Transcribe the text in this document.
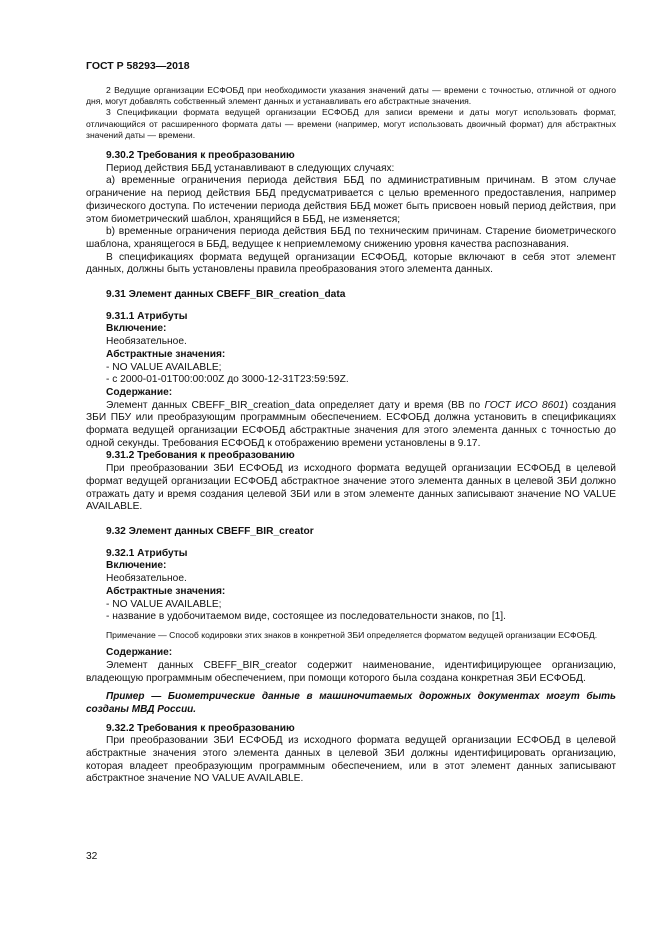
ГОСТ Р 58293—2018

2 Ведущие организации ЕСФОБД при необходимости указания значений даты — времени с точностью, отличной от одного дня, могут добавлять собственный элемент данных и устанавливать его абстрактные значения.

3 Спецификации формата ведущей организации ЕСФОБД для записи времени и даты могут использовать формат, отличающийся от расширенного формата даты — времени (например, могут использовать двоичный формат) для абстрактных значений даты — времени.

9.30.2 Требования к преобразованию

Период действия ББД устанавливают в следующих случаях:

a) временные ограничения периода действия ББД по административным причинам. В этом случае ограничение на период действия ББД предусматривается с целью временного предоставления, например физического доступа. По истечении периода действия ББД может быть присвоен новый период действия, при этом биометрический шаблон, хранящийся в ББД, не изменяется;

b) временные ограничения периода действия ББД по техническим причинам. Старение биометрического шаблона, хранящегося в ББД, ведущее к неприемлемому снижению уровня качества распознавания.

В спецификациях формата ведущей организации ЕСФОБД, которые включают в себя этот элемент данных, должны быть установлены правила преобразования этого элемента данных.

9.31 Элемент данных CBEFF_BIR_creation_data

9.31.1 Атрибуты

Включение:

Необязательное.

Абстрактные значения:

- NO VALUE AVAILABLE;

- с 2000-01-01T00:00:00Z до 3000-12-31T23:59:59Z.

Содержание:

Элемент данных CBEFF_BIR_creation_data определяет дату и время (ВВ по ГОСТ ИСО 8601) создания ЗБИ ПБУ или преобразующим программным обеспечением. ЕСФОБД должна установить в спецификациях формата ведущей организации ЕСФОБД абстрактные значения для этого элемента данных с точностью до одной секунды. Требования ЕСФОБД к отображению времени установлены в 9.17.

9.31.2 Требования к преобразованию

При преобразовании ЗБИ ЕСФОБД из исходного формата ведущей организации ЕСФОБД в целевой формат ведущей организации ЕСФОБД абстрактное значение этого элемента данных в целевой ЗБИ должно отражать дату и время создания целевой ЗБИ или в этом элементе данных записывают значение NO VALUE AVAILABLE.

9.32 Элемент данных CBEFF_BIR_creator

9.32.1 Атрибуты

Включение:

Необязательное.

Абстрактные значения:

- NO VALUE AVAILABLE;

- название в удобочитаемом виде, состоящее из последовательности знаков, по [1].

Примечание — Способ кодировки этих знаков в конкретной ЗБИ определяется форматом ведущей организации ЕСФОБД.

Содержание:

Элемент данных CBEFF_BIR_creator содержит наименование, идентифицирующее организацию, владеющую программным обеспечением, при помощи которого была создана конкретная ЗБИ ЕСФОБД.

Пример — Биометрические данные в машиночитаемых дорожных документах могут быть созданы МВД России.

9.32.2 Требования к преобразованию

При преобразовании ЗБИ ЕСФОБД из исходного формата ведущей организации ЕСФОБД в целевой абстрактные значения этого элемента данных в целевой ЗБИ должны идентифицировать организацию, которая владеет преобразующим программным обеспечением, или в этот элемент данных записывают абстрактное значение NO VALUE AVAILABLE.

32
